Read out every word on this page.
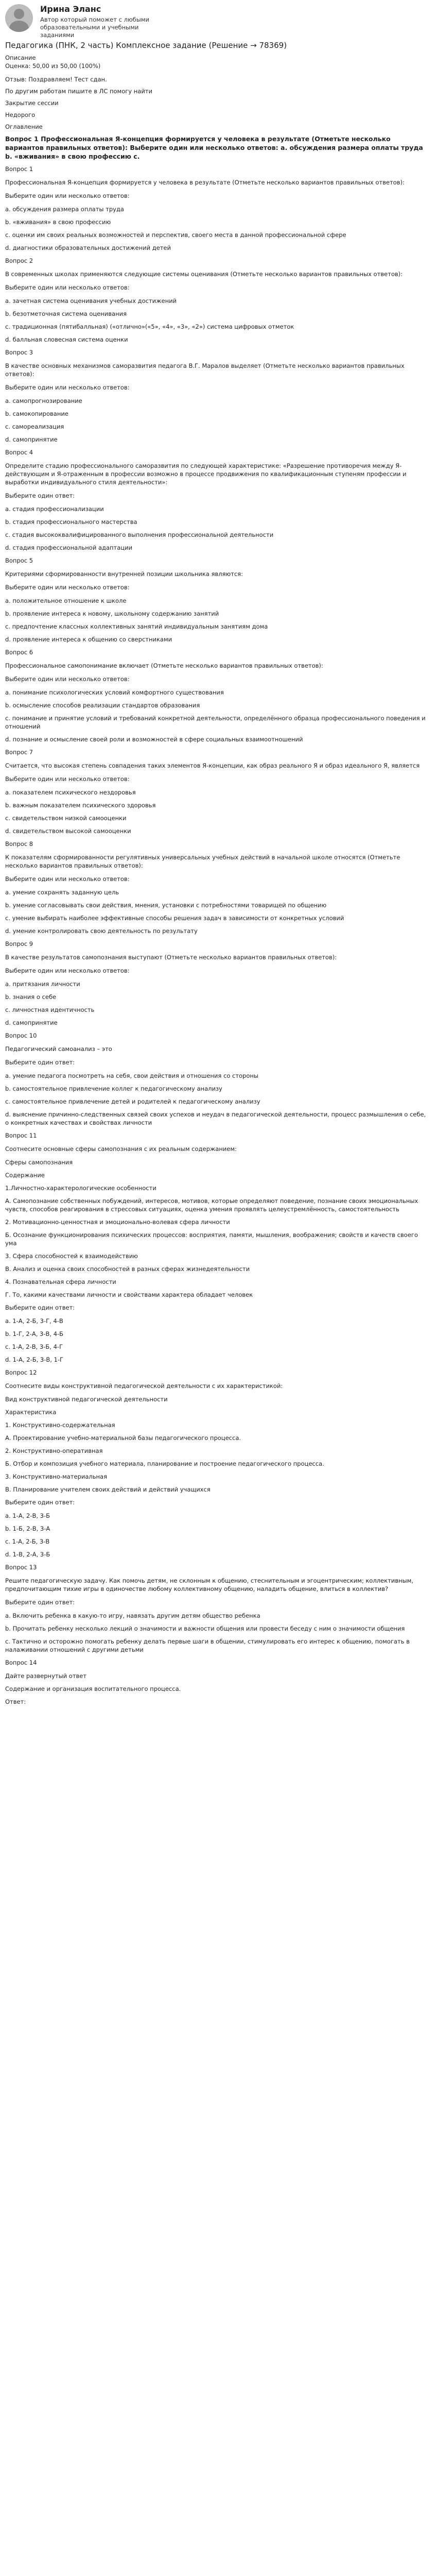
Ирина Эланс
Автор который поможет с любыми образовательными и учебными заданиями
Педагогика (ПНК, 2 часть) Комплексное задание (Решение → 78369)
Описание
Оценка: 50,00 из 50,00 (100%)
Отзыв: Поздравляем! Тест сдан.
По другим работам пишите в ЛС помогу найти
Закрытие сессии
Недорого
Оглавление
Вопрос 1 Профессиональная Я-концепция формируется у человека в результате (Отметьте несколько вариантов правильных ответов): Выберите один или несколько ответов: a. обсуждения размера оплаты труда b. «вживания» в свою профессию с.
Вопрос 1
Профессиональная Я-концепция формируется у человека в результате (Отметьте несколько вариантов правильных ответов):
Выберите один или несколько ответов:
a. обсуждения размера оплаты труда
b. «вживания» в свою профессию
c. оценки им своих реальных возможностей и перспектив, своего места в данной профессиональной сфере
d. диагностики образовательных достижений детей
Вопрос 2
В современных школах применяются следующие системы оценивания (Отметьте несколько вариантов правильных ответов):
Выберите один или несколько ответов:
a. зачетная система оценивания учебных достижений
b. безотметочная система оценивания
c. традиционная (пятибалльная) («отлично»(«5», «4», «3», «2») система цифровых отметок
d. балльная словесная система оценки
Вопрос 3
В качестве основных механизмов саморазвития педагога В.Г. Маралов выделяет (Отметьте несколько вариантов правильных ответов):
Выберите один или несколько ответов:
a. самопрогнозирование
b. самокопирование
c. самореализация
d. самопринятие
Вопрос 4
Определите стадию профессионального саморазвития по следующей характеристике: «Разрешение противоречия между Я-действующим и Я-отраженным в профессии возможно в процессе продвижения по квалификационным ступеням профессии и выработки индивидуального стиля деятельности»:
Выберите один ответ:
a. стадия профессионализации
b. стадия профессионального мастерства
c. стадия высококвалифицированного выполнения профессиональной деятельности
d. стадия профессиональной адаптации
Вопрос 5
Критериями сформированности внутренней позиции школьника являются:
Выберите один или несколько ответов:
a. положительное отношение к школе
b. проявление интереса к новому, школьному содержанию занятий
c. предпочтение классных коллективных занятий индивидуальным занятиям дома
d. проявление интереса к общению со сверстниками
Вопрос 6
Профессиональное самопонимание включает (Отметьте несколько вариантов правильных ответов):
Выберите один или несколько ответов:
a. понимание психологических условий комфортного существования
b. осмысление способов реализации стандартов образования
c. понимание и принятие условий и требований конкретной деятельности, определённого образца профессионального поведения и отношений
d. познание и осмысление своей роли и возможностей в сфере социальных взаимоотношений
Вопрос 7
Считается, что высокая степень совпадения таких элементов Я-концепции, как образ реального Я и образ идеального Я, является
Выберите один или несколько ответов:
a. показателем психического нездоровья
b. важным показателем психического здоровья
c. свидетельством низкой самооценки
d. свидетельством высокой самооценки
Вопрос 8
К показателям сформированности регулятивных универсальных учебных действий в начальной школе относятся (Отметьте несколько вариантов правильных ответов):
Выберите один или несколько ответов:
a. умение сохранять заданную цель
b. умение согласовывать свои действия, мнения, установки с потребностями товарищей по общению
c. умение выбирать наиболее эффективные способы решения задач в зависимости от конкретных условий
d. умение контролировать свою деятельность по результату
Вопрос 9
В качестве результатов самопознания выступают (Отметьте несколько вариантов правильных ответов):
Выберите один или несколько ответов:
a. притязания личности
b. знания о себе
c. личностная идентичность
d. самопринятие
Вопрос 10
Педагогический самоанализ – это
Выберите один ответ:
a. умение педагога посмотреть на себя, свои действия и отношения со стороны
b. самостоятельное привлечение коллег к педагогическому анализу
c. самостоятельное привлечение детей и родителей к педагогическому анализу
d. выяснение причинно-следственных связей своих успехов и неудач в педагогической деятельности, процесс размышления о себе, о конкретных качествах и свойствах личности
Вопрос 11
Соотнесите основные сферы самопознания с их реальным содержанием:
Сферы самопознания
Содержание
1.Личностно-характерологические особенности
А. Самопознание собственных побуждений, интересов, мотивов, которые определяют поведение, познание своих эмоциональных чувств, способов реагирования в стрессовых ситуациях, оценка умения проявлять целеустремлённость, самостоятельность
2. Мотивационно-ценностная и эмоционально-волевая сфера личности
Б. Осознание функционирования психических процессов: восприятия, памяти, мышления, воображения; свойств и качеств своего ума
3. Сфера способностей к взаимодействию
В. Анализ и оценка своих способностей в разных сферах жизнедеятельности
4. Познавательная сфера личности
Г. То, какими качествами личности и свойствами характера обладает человек
Выберите один ответ:
a. 1-А, 2-Б, 3-Г, 4-В
b. 1-Г, 2-А, 3-В, 4-Б
c. 1-А, 2-В, 3-Б, 4-Г
d. 1-А, 2-Б, 3-В, 1-Г
Вопрос 12
Соотнесите виды конструктивной педагогической деятельности с их характеристикой:
Вид конструктивной педагогической деятельности
Характеристика
1. Конструктивно-содержательная
А. Проектирование учебно-материальной базы педагогического процесса.
2. Конструктивно-оперативная
Б. Отбор и композиция учебного материала, планирование и построение педагогического процесса.
3. Конструктивно-материальная
В. Планирование учителем своих действий и действий учащихся
Выберите один ответ:
a. 1-А, 2-В, 3-Б
b. 1-Б, 2-В, 3-А
c. 1-А, 2-Б, 3-В
d. 1-В, 2-А, 3-Б
Вопрос 13
Решите педагогическую задачу. Как помочь детям, не склонным к общению, стеснительным и эгоцентрическим; коллективным, предпочитающим тихие игры в одиночестве любому коллективному общению, наладить общение, влиться в коллектив?
Выберите один ответ:
a. Включить ребенка в какую-то игру, навязать другим детям общество ребенка
b. Прочитать ребенку несколько лекций о значимости и важности общения или провести беседу с ним о значимости общения
c. Тактично и осторожно помогать ребенку делать первые шаги в общении, стимулировать его интерес к общению, помогать в налаживании отношений с другими детьми
Вопрос 14
Дайте развернутый ответ
Содержание и организация воспитательного процесса.
Ответ:
